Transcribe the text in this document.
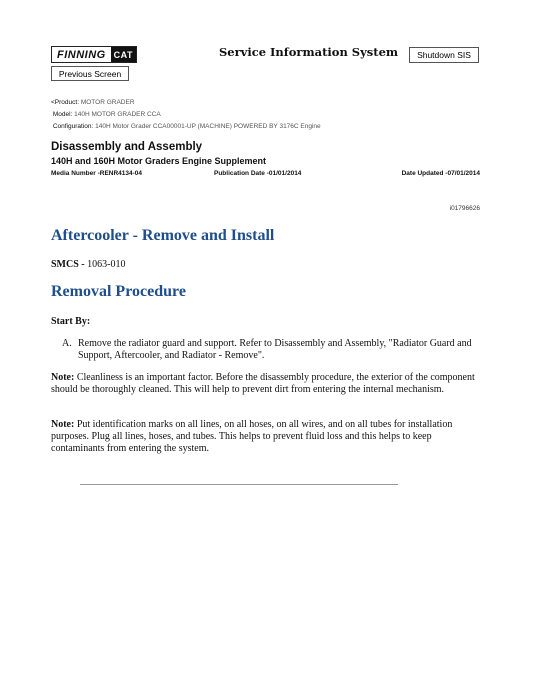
FINNING CAT
Previous Screen
Service Information System	Shutdown SIS
<Product: MOTOR GRADER
Model: 140H MOTOR GRADER CCA
Configuration: 140H Motor Grader CCA00001-UP (MACHINE) POWERED BY 3176C Engine
Disassembly and Assembly
140H and 160H Motor Graders Engine Supplement
Media Number -RENR4134-04	Publication Date -01/01/2014	Date Updated -07/01/2014
i01796626
Aftercooler - Remove and Install
SMCS - 1063-010
Removal Procedure
Start By:
A. Remove the radiator guard and support. Refer to Disassembly and Assembly, "Radiator Guard and Support, Aftercooler, and Radiator - Remove".
Note: Cleanliness is an important factor. Before the disassembly procedure, the exterior of the component should be thoroughly cleaned. This will help to prevent dirt from entering the internal mechanism.
Note: Put identification marks on all lines, on all hoses, on all wires, and on all tubes for installation purposes. Plug all lines, hoses, and tubes. This helps to prevent fluid loss and this helps to keep contaminants from entering the system.
